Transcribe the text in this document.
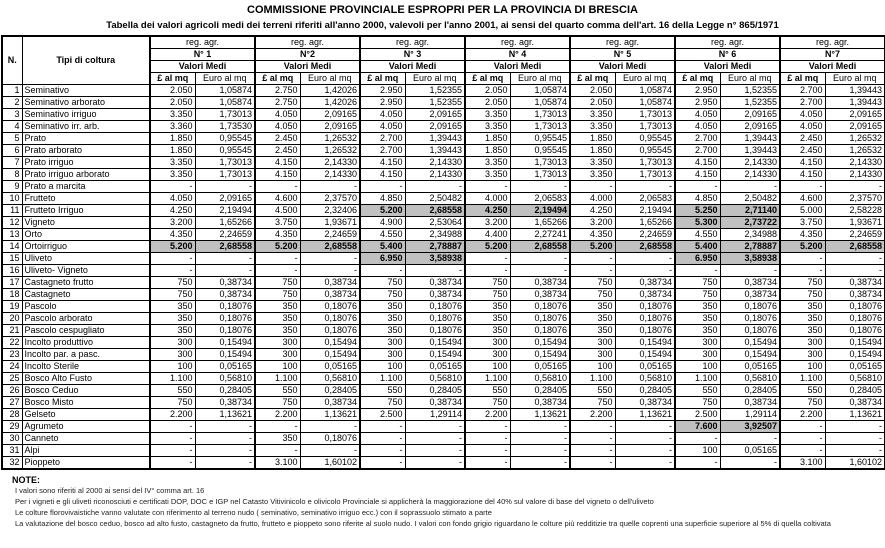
COMMISSIONE PROVINCIALE ESPROPRI PER LA PROVINCIA DI BRESCIA
Tabella dei valori agricoli medi dei terreni riferiti all'anno 2000, valevoli per l'anno 2001, ai sensi del quarto comma dell'art. 16 della Legge n° 865/1971
N.	Tipi di coltura	reg. agr.		reg. agr.		reg. agr.		reg. agr.		reg. agr.		reg. agr.		reg. agr.	
		N° 1		N°2		N° 3		N° 4		N° 5		N° 6		N°7	
		Valori Medi		Valori Medi		Valori Medi		Valori Medi		Valori Medi		Valori Medi		Valori Medi	
		£ al mq	Euro al mq	£ al mq	Euro al mq	£ al mq	Euro al mq	£ al mq	Euro al mq	£ al mq	Euro al mq	£ al mq	Euro al mq	£ al mq	Euro al mq
1	Seminativo	2.050	1,05874	2.750	1,42026	2.950	1,52355	2.050	1,05874	2.050	1,05874	2.950	1,52355	2.700	1,39443
2	Seminativo arborato	2.050	1,05874	2.750	1,42026	2.950	1,52355	2.050	1,05874	2.050	1,05874	2.950	1,52355	2.700	1,39443
3	Seminativo irriguo	3.350	1,73013	4.050	2,09165	4.050	2,09165	3.350	1,73013	3.350	1,73013	4.050	2,09165	4.050	2,09165
4	Seminativo irr. arb.	3.360	1,73530	4.050	2,09165	4.050	2,09165	3.350	1,73013	3.350	1,73013	4.050	2,09165	4.050	2,09165
5	Prato	1.850	0,95545	2.450	1,26532	2.700	1,39443	1.850	0,95545	1.850	0,95545	2.700	1,39443	2.450	1,26532
6	Prato arborato	1.850	0,95545	2.450	1,26532	2.700	1,39443	1.850	0,95545	1.850	0,95545	2.700	1,39443	2.450	1,26532
7	Prato irriguo	3.350	1,73013	4.150	2,14330	4.150	2,14330	3.350	1,73013	3.350	1,73013	4.150	2,14330	4.150	2,14330
8	Prato irriguo arborato	3.350	1,73013	4.150	2,14330	4.150	2,14330	3.350	1,73013	3.350	1,73013	4.150	2,14330	4.150	2,14330
9	Prato a marcita	-	-	-	-	-	-	-	-	-	-	-	-	-	-
10	Frutteto	4.050	2,09165	4.600	2,37570	4.850	2,50482	4.000	2,06583	4.000	2,06583	4.850	2,50482	4.600	2,37570
11	Frutteto Irriguo	4.250	2,19494	4.500	2,32406	5.200	2,68558	4.250	2,19494	4.250	2,19494	5.250	2,71140	5.000	2,58228
12	Vigneto	3.200	1,65266	3.750	1,93671	4.900	2,53064	3.200	1,65266	3.200	1,65266	5.300	2,73722	3.750	1,93671
13	Orto	4.350	2,24659	4.350	2,24659	4.550	2,34988	4.400	2,27241	4.350	2,24659	4.550	2,34988	4.350	2,24659
14	Ortoirriguo	5.200	2,68558	5.200	2,68558	5.400	2,78887	5.200	2,68558	5.200	2,68558	5.400	2,78887	5.200	2,68558
15	Uliveto	-	-	-	-	6.950	3,58938	-	-	-	-	6.950	3,58938	-	-
16	Uliveto- Vigneto	-	-	-	-	-	-	-	-	-	-	-	-	-	-
17	Castagneto frutto	750	0,38734	750	0,38734	750	0,38734	750	0,38734	750	0,38734	750	0,38734	750	0,38734
18	Castagneto	750	0,38734	750	0,38734	750	0,38734	750	0,38734	750	0,38734	750	0,38734	750	0,38734
19	Pascolo	350	0,18076	350	0,18076	350	0,18076	350	0,18076	350	0,18076	350	0,18076	350	0,18076
20	Pascolo arborato	350	0,18076	350	0,18076	350	0,18076	350	0,18076	350	0,18076	350	0,18076	350	0,18076
21	Pascolo cespugliato	350	0,18076	350	0,18076	350	0,18076	350	0,18076	350	0,18076	350	0,18076	350	0,18076
22	Incolto produttivo	300	0,15494	300	0,15494	300	0,15494	300	0,15494	300	0,15494	300	0,15494	300	0,15494
23	Incolto par. a pasc.	300	0,15494	300	0,15494	300	0,15494	300	0,15494	300	0,15494	300	0,15494	300	0,15494
24	Incolto Sterile	100	0,05165	100	0,05165	100	0,05165	100	0,05165	100	0,05165	100	0,05165	100	0,05165
25	Bosco Alto Fusto	1.100	0,56810	1.100	0,56810	1.100	0,56810	1.100	0,56810	1.100	0,56810	1.100	0,56810	1.100	0,56810
26	Bosco Ceduo	550	0,28405	550	0,28405	550	0,28405	550	0,28405	550	0,28405	550	0,28405	550	0,28405
27	Bosco Misto	750	0,38734	750	0,38734	750	0,38734	750	0,38734	750	0,38734	750	0,38734	750	0,38734
28	Gelseto	2.200	1,13621	2.200	1,13621	2.500	1,29114	2.200	1,13621	2.200	1,13621	2.500	1,29114	2.200	1,13621
29	Agrumeto	-	-	-	-	-	-	-	-	-	-	7.600	3,92507	-	-
30	Canneto	-	-	350	0,18076	-	-	-	-	-	-	-	-	-	-
31	Alpi	-	-	-	-	-	-	-	-	-	-	100	0,05165	-	-
32	Pioppeto	-	-	3.100	1,60102	-	-	-	-	-	-	-	-	3.100	1,60102
NOTE:
I valori sono riferiti al 2000 ai sensi del IV° comma art. 16
Per i vigneti e gli uliveti riconosciuti e certificati DOP, DOC e IGP nel Catasto Vitivinicolo e olivicolo Provinciale si applicherà la maggiorazione del 40% sul valore di base del vigneto o dell'uliveto
Le colture florovivaistiche vanno valutate con riferimento al terreno nudo ( seminativo, seminativo irriguo ecc.) con il soprassuolo stimato a parte
La valutazione del bosco ceduo, bosco ad alto fusto, castagneto da frutto, frutteto e pioppeto sono riferite al suolo nudo. I valori con fondo grigio riguardano le colture più redditizie tra quelle coprenti una superficie superiore al 5% di quella coltivata
